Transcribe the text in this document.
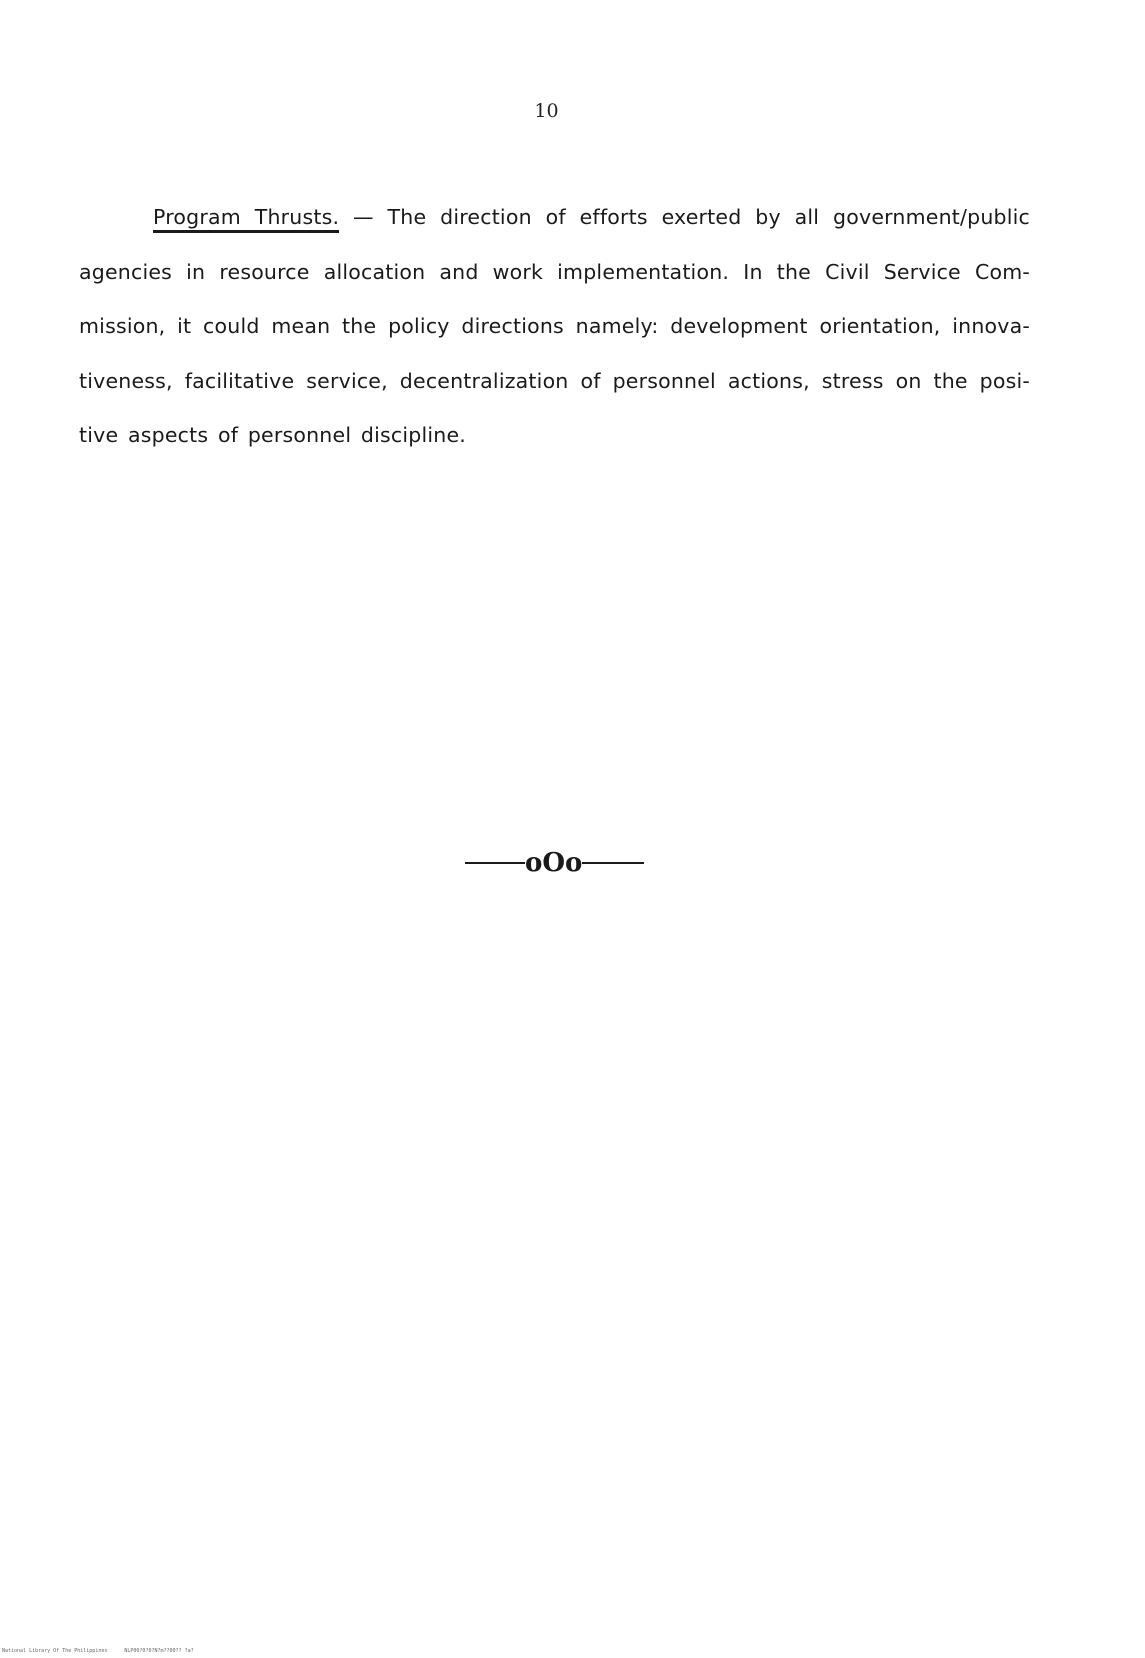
10

Program Thrusts. — The direction of efforts exerted by all government/public
agencies in resource allocation and work implementation. In the Civil Service Com-
mission, it could mean the policy directions namely: development orientation, innova-
tiveness, facilitative service, decentralization of personnel actions, stress on the posi-
tive aspects of personnel discipline.

oOo
National Library Of The Philippines	NLP00?0?0?N?m??00?? ?a?
